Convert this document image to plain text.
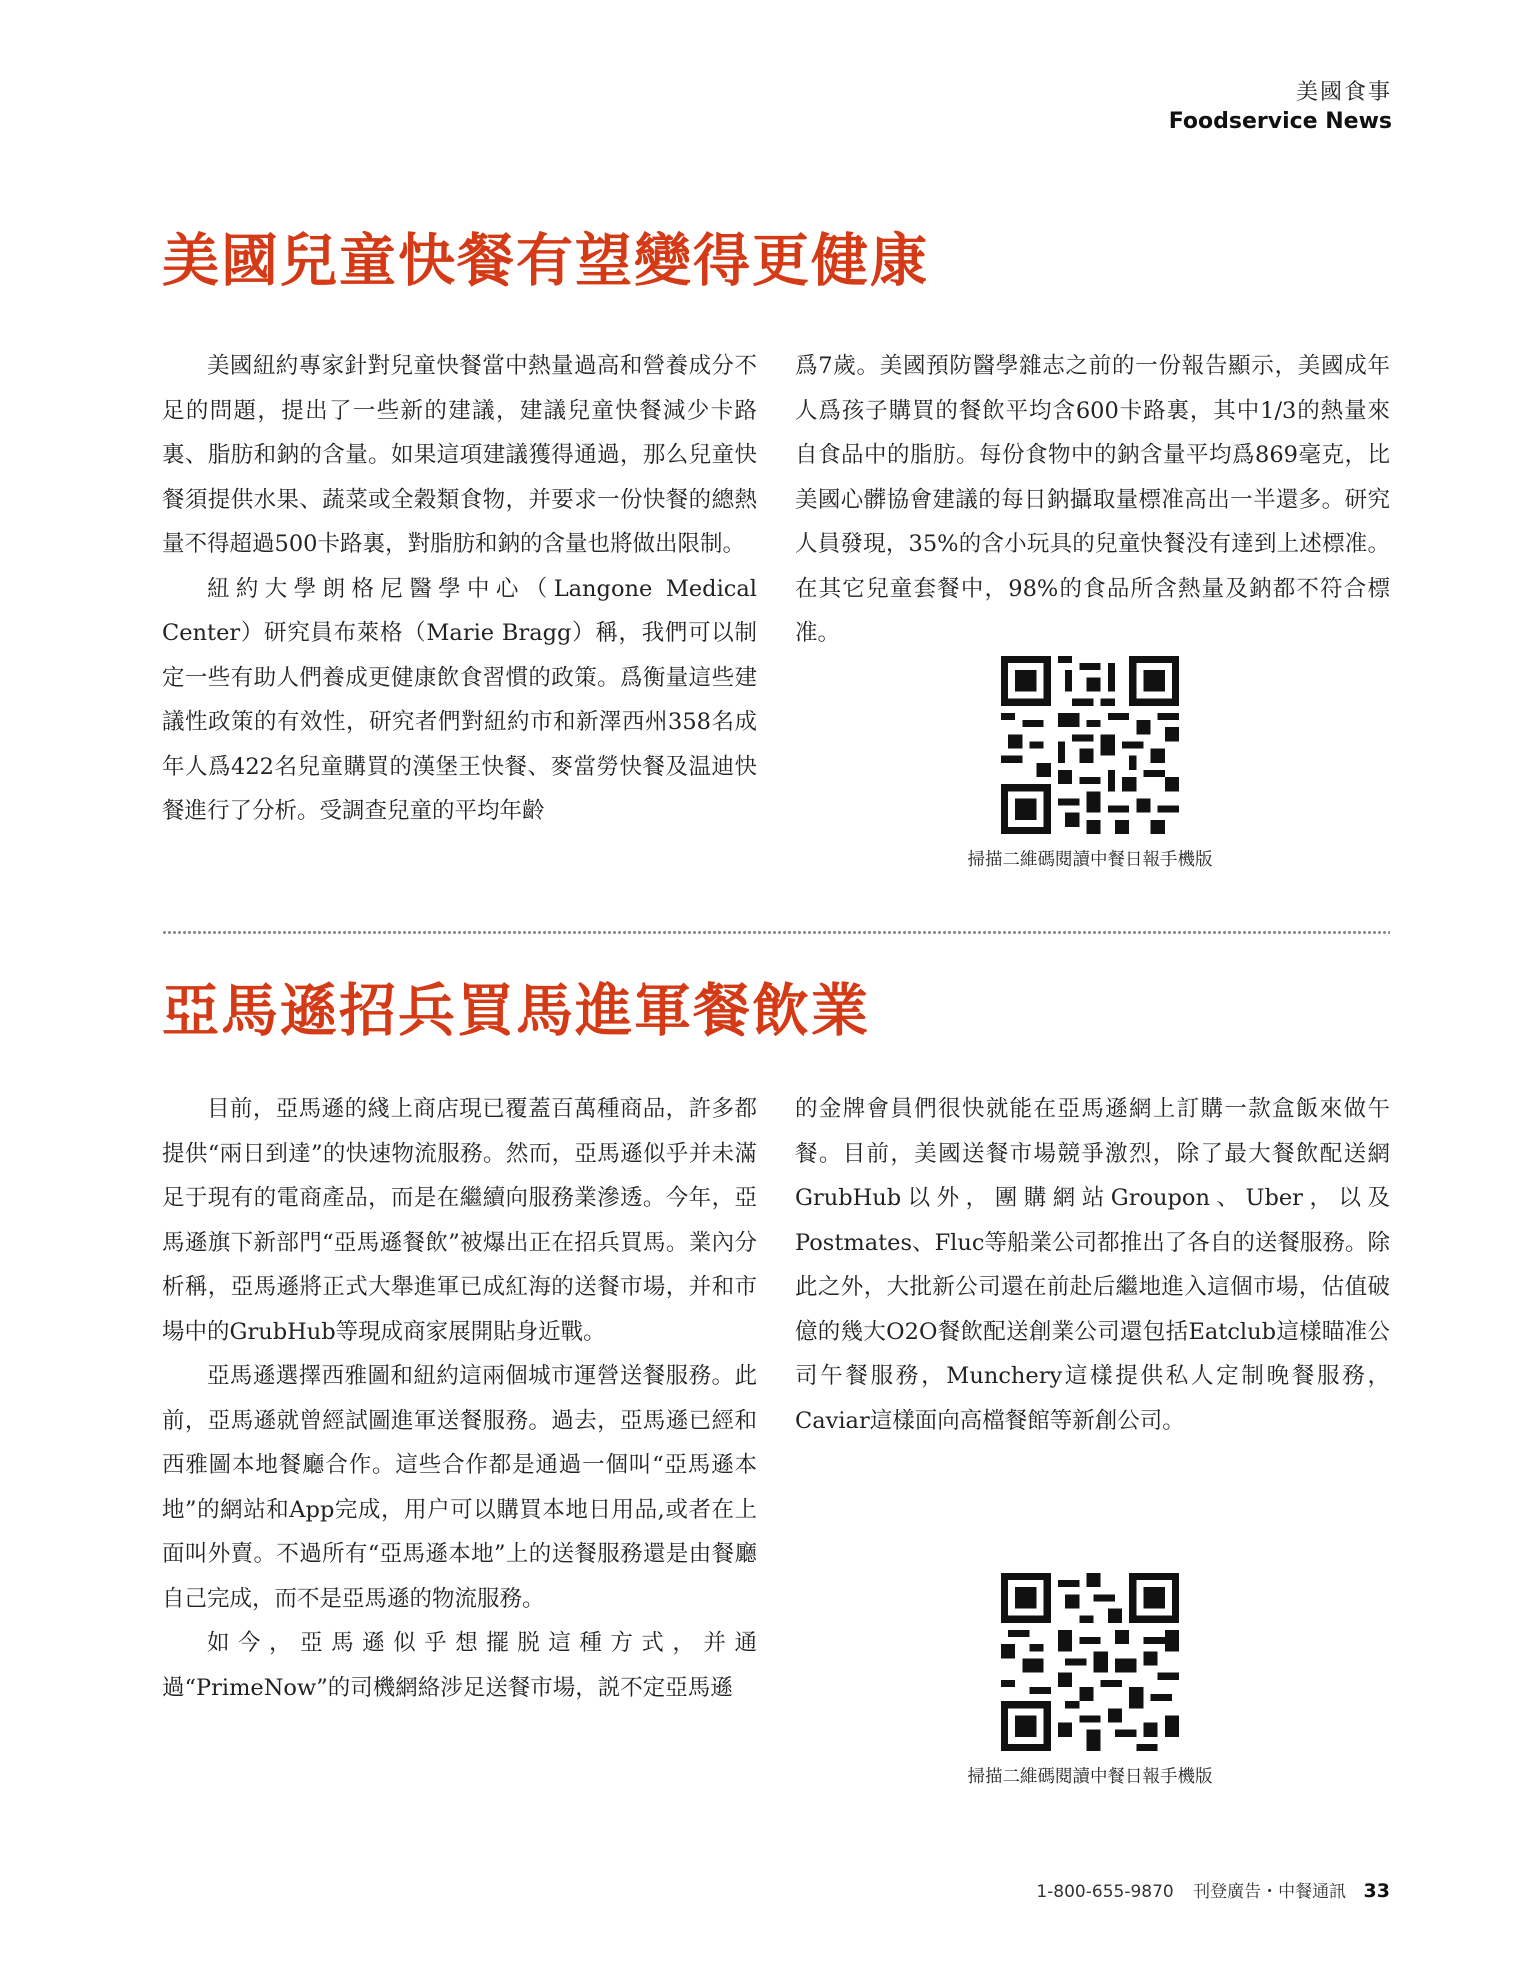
美國食事
Foodservice News
美國兒童快餐有望變得更健康

美國紐約專家針對兒童快餐當中熱量過高和營養成分不足的問題，提出了一些新的建議，建議兒童快餐減少卡路裏、脂肪和鈉的含量。如果這項建議獲得通過，那么兒童快餐須提供水果、蔬菜或全穀類食物，并要求一份快餐的總熱量不得超過500卡路裏，對脂肪和鈉的含量也將做出限制。

紐約大學朗格尼醫學中心（Langone Medical Center）研究員布萊格（Marie Bragg）稱，我們可以制定一些有助人們養成更健康飲食習慣的政策。爲衡量這些建議性政策的有效性，研究者們對紐約市和新澤西州358名成年人爲422名兒童購買的漢堡王快餐、麥當勞快餐及温迪快餐進行了分析。受調查兒童的平均年齡

爲7歲。美國預防醫學雜志之前的一份報告顯示，美國成年人爲孩子購買的餐飲平均含600卡路裏，其中1/3的熱量來自食品中的脂肪。每份食物中的鈉含量平均爲869毫克，比美國心髒協會建議的每日鈉攝取量標准高出一半還多。研究人員發現，35%的含小玩具的兒童快餐没有達到上述標准。在其它兒童套餐中，98%的食品所含熱量及鈉都不符合標准。

掃描二維碼閱讀中餐日報手機版
亞馬遜招兵買馬進軍餐飲業

目前，亞馬遜的綫上商店現已覆蓋百萬種商品，許多都提供“兩日到達”的快速物流服務。然而，亞馬遜似乎并未滿足于現有的電商產品，而是在繼續向服務業滲透。今年，亞馬遜旗下新部門“亞馬遜餐飲”被爆出正在招兵買馬。業內分析稱，亞馬遜將正式大舉進軍已成紅海的送餐市場，并和市場中的GrubHub等現成商家展開貼身近戰。

亞馬遜選擇西雅圖和紐約這兩個城市運營送餐服務。此前，亞馬遜就曾經試圖進軍送餐服務。過去，亞馬遜已經和西雅圖本地餐廳合作。這些合作都是通過一個叫“亞馬遜本地”的網站和App完成，用户可以購買本地日用品,或者在上面叫外賣。不過所有“亞馬遜本地”上的送餐服務還是由餐廳自己完成，而不是亞馬遜的物流服務。

如今，亞馬遜似乎想擺脱這種方式，并通過“PrimeNow”的司機網絡涉足送餐市場，説不定亞馬遜

的金牌會員們很快就能在亞馬遜網上訂購一款盒飯來做午餐。目前，美國送餐市場競爭激烈，除了最大餐飲配送網GrubHub以外，團購網站Groupon、Uber，以及Postmates、Fluc等船業公司都推出了各自的送餐服務。除此之外，大批新公司還在前赴后繼地進入這個市場，估值破億的幾大O2O餐飲配送創業公司還包括Eatclub這樣瞄准公司午餐服務，Munchery這樣提供私人定制晚餐服務，Caviar這樣面向高檔餐館等新創公司。

掃描二維碼閱讀中餐日報手機版
1-800-655-9870 刊登廣告・中餐通訊 33
